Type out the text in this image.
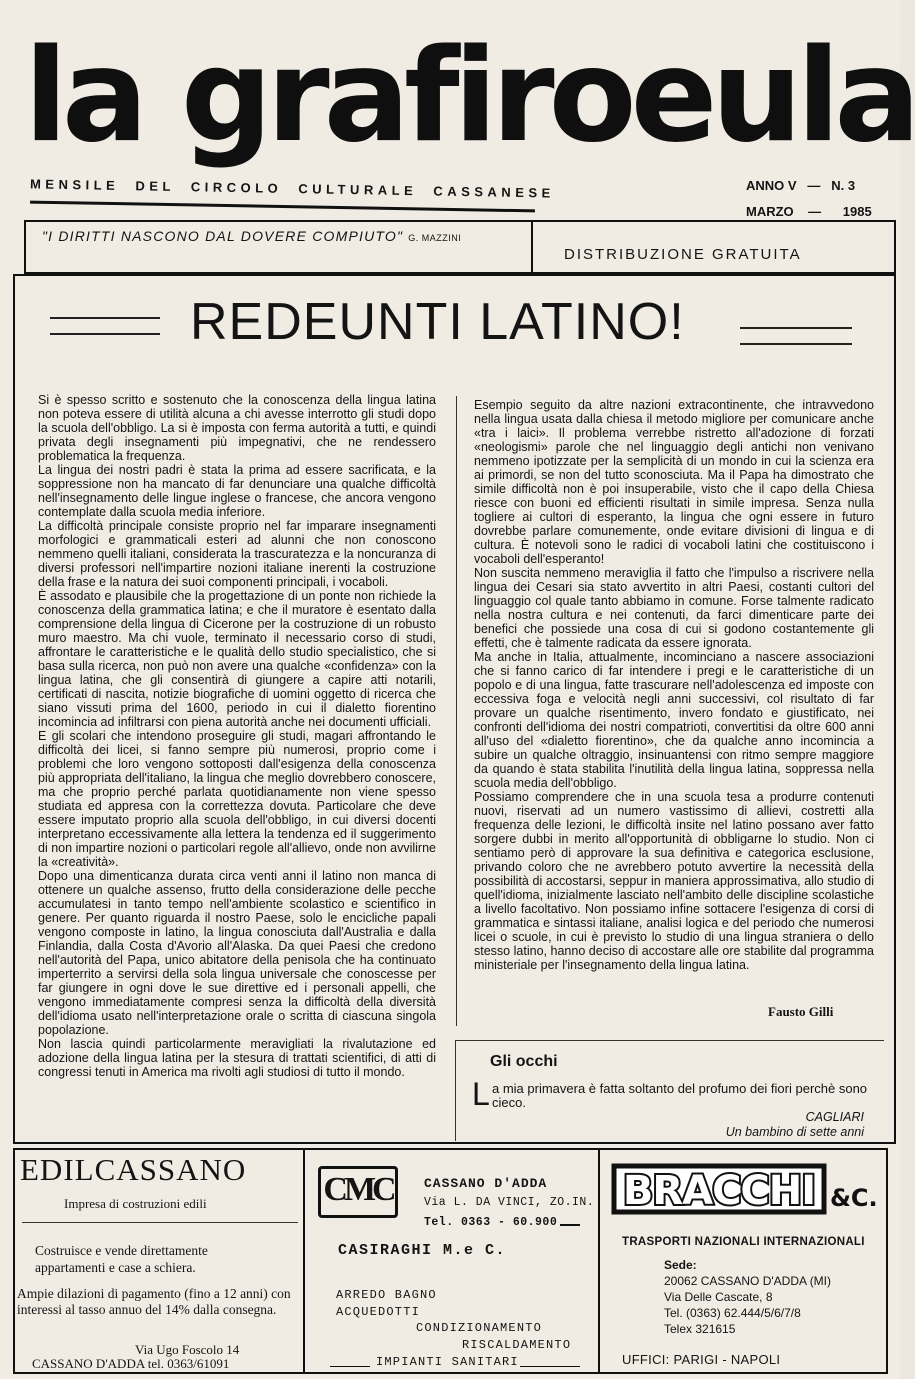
la grafiroeula
MENSILE DEL CIRCOLO CULTURALE CASSANESE	ANNO V — N. 3
MARZO — 1985
"I DIRITTI NASCONO DAL DOVERE COMPIUTO" G. MAZZINI
DISTRIBUZIONE GRATUITA
REDEUNTI LATINO!

Si è spesso scritto e sostenuto che la conoscenza della lingua latina non poteva essere di utilità alcuna a chi avesse interrotto gli studi dopo la scuola dell'obbligo. La si è imposta con ferma autorità a tutti, e quindi privata degli insegnamenti più impegnativi, che ne rendessero problematica la frequenza.

La lingua dei nostri padri è stata la prima ad essere sacrificata, e la soppressione non ha mancato di far denunciare una qualche difficoltà nell'insegnamento delle lingue inglese o francese, che ancora vengono contemplate dalla scuola media inferiore.

La difficoltà principale consiste proprio nel far imparare insegnamenti morfologici e grammaticali esteri ad alunni che non conoscono nemmeno quelli italiani, considerata la trascuratezza e la noncuranza di diversi professori nell'impartire nozioni italiane inerenti la costruzione della frase e la natura dei suoi componenti principali, i vocaboli.

È assodato e plausibile che la progettazione di un ponte non richiede la conoscenza della grammatica latina; e che il muratore è esentato dalla comprensione della lingua di Cicerone per la costruzione di un robusto muro maestro. Ma chi vuole, terminato il necessario corso di studi, affrontare le caratteristiche e le qualità dello studio specialistico, che si basa sulla ricerca, non può non avere una qualche «confidenza» con la lingua latina, che gli consentirà di giungere a capire atti notarili, certificati di nascita, notizie biografiche di uomini oggetto di ricerca che siano vissuti prima del 1600, periodo in cui il dialetto fiorentino incomincia ad infiltrarsi con piena autorità anche nei documenti ufficiali.

E gli scolari che intendono proseguire gli studi, magari affrontando le difficoltà dei licei, si fanno sempre più numerosi, proprio come i problemi che loro vengono sottoposti dall'esigenza della conoscenza più appropriata dell'italiano, la lingua che meglio dovrebbero conoscere, ma che proprio perché parlata quotidianamente non viene spesso studiata ed appresa con la correttezza dovuta. Particolare che deve essere imputato proprio alla scuola dell'obbligo, in cui diversi docenti interpretano eccessivamente alla lettera la tendenza ed il suggerimento di non impartire nozioni o particolari regole all'allievo, onde non avvilirne la «creatività».

Dopo una dimenticanza durata circa venti anni il latino non manca di ottenere un qualche assenso, frutto della considerazione delle pecche accumulatesi in tanto tempo nell'ambiente scolastico e scientifico in genere. Per quanto riguarda il nostro Paese, solo le encicliche papali vengono composte in latino, la lingua conosciuta dall'Australia e dalla Finlandia, dalla Costa d'Avorio all'Alaska. Da quei Paesi che credono nell'autorità del Papa, unico abitatore della penisola che ha continuato imperterrito a servirsi della sola lingua universale che conoscesse per far giungere in ogni dove le sue direttive ed i personali appelli, che vengono immediatamente compresi senza la difficoltà della diversità dell'idioma usato nell'interpretazione orale o scritta di ciascuna singola popolazione.

Non lascia quindi particolarmente meravigliati la rivalutazione ed adozione della lingua latina per la stesura di trattati scientifici, di atti di congressi tenuti in America ma rivolti agli studiosi di tutto il mondo.

Esempio seguito da altre nazioni extracontinente, che intravvedono nella lingua usata dalla chiesa il metodo migliore per comunicare anche «tra i laici». Il problema verrebbe ristretto all'adozione di forzati «neologismi» parole che nel linguaggio degli antichi non venivano nemmeno ipotizzate per la semplicità di un mondo in cui la scienza era ai primordi, se non del tutto sconosciuta. Ma il Papa ha dimostrato che simile difficoltà non è poi insuperabile, visto che il capo della Chiesa riesce con buoni ed efficienti risultati in simile impresa. Senza nulla togliere ai cultori di esperanto, la lingua che ogni essere in futuro dovrebbe parlare comunemente, onde evitare divisioni di lingua e di cultura. È notevoli sono le radici di vocaboli latini che costituiscono i vocaboli dell'esperanto!

Non suscita nemmeno meraviglia il fatto che l'impulso a riscrivere nella lingua dei Cesari sia stato avvertito in altri Paesi, costanti cultori del linguaggio col quale tanto abbiamo in comune. Forse talmente radicato nella nostra cultura e nei contenuti, da farci dimenticare parte dei benefici che possiede una cosa di cui si godono costantemente gli effetti, che è talmente radicata da essere ignorata.

Ma anche in Italia, attualmente, incominciano a nascere associazioni che si fanno carico di far intendere i pregi e le caratteristiche di un popolo e di una lingua, fatte trascurare nell'adolescenza ed imposte con eccessiva foga e velocità negli anni successivi, col risultato di far provare un qualche risentimento, invero fondato e giustificato, nei confronti dell'idioma dei nostri compatrioti, convertitisi da oltre 600 anni all'uso del «dialetto fiorentino», che da qualche anno incomincia a subire un qualche oltraggio, insinuantensi con ritmo sempre maggiore da quando è stata stabilita l'inutilità della lingua latina, soppressa nella scuola media dell'obbligo.

Possiamo comprendere che in una scuola tesa a produrre contenuti nuovi, riservati ad un numero vastissimo di allievi, costretti alla frequenza delle lezioni, le difficoltà insite nel latino possano aver fatto sorgere dubbi in merito all'opportunità di obbligarne lo studio. Non ci sentiamo però di approvare la sua definitiva e categorica esclusione, privando coloro che ne avrebbero potuto avvertire la necessità della possibilità di accostarsi, seppur in maniera approssimativa, allo studio di quell'idioma, inizialmente lasciato nell'ambito delle discipline scolastiche a livello facoltativo. Non possiamo infine sottacere l'esigenza di corsi di grammatica e sintassi italiane, analisi logica e del periodo che numerosi licei o scuole, in cui è previsto lo studio di una lingua straniera o dello stesso latino, hanno deciso di accostare alle ore stabilite dal programma ministeriale per l'insegnamento della lingua latina.

Fausto Gilli
Gli occhi
L a mia primavera è fatta soltanto del profumo dei fiori perchè sono cieco.
CAGLIARI
Un bambino di sette anni
EDILCASSANO
Impresa di costruzioni edili
Costruisce e vende direttamente appartamenti e case a schiera.
Ampie dilazioni di pagamento (fino a 12 anni) con interessi al tasso annuo del 14% dalla consegna.
Via Ugo Foscolo 14
CASSANO D'ADDA tel. 0363/61091
CMC	CASSANO D'ADDA
Via L. DA VINCI, ZO.IN.
Tel. 0363 - 60.900
CASIRAGHI M.e C.
ARREDO BAGNO
ACQUEDOTTI
CONDIZIONAMENTO
RISCALDAMENTO
IMPIANTI SANITARI
BRACCHI &C.
TRASPORTI NAZIONALI INTERNAZIONALI
Sede:
20062 CASSANO D'ADDA (MI)
Via Delle Cascate, 8
Tel. (0363) 62.444/5/6/7/8
Telex 321615
UFFICI: PARIGI - NAPOLI
